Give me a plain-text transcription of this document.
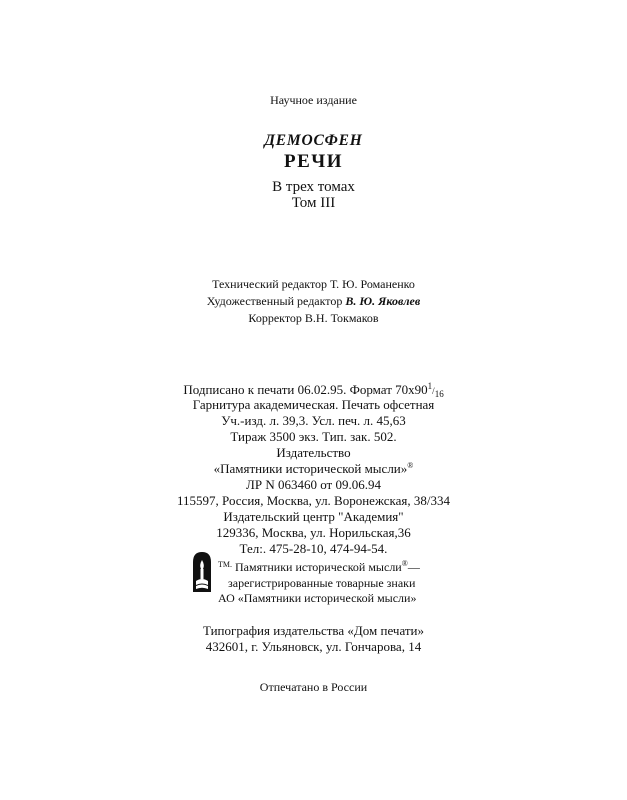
Научное издание
ДЕМОСФЕН
РЕЧИ
В трех томах
Том III
Технический редактор Т. Ю. Романенко
Художественный редактор В. Ю. Яковлев
Корректор В.Н. Токмаков
Подписано к печати 06.02.95. Формат 70х901/16
Гарнитура академическая. Печать офсетная
Уч.-изд. л. 39,3. Усл. печ. л. 45,63
Тираж 3500 экз. Тип. зак. 502.
Издательство
«Памятники исторической мысли»®
ЛР N 063460 от 09.06.94
115597, Россия, Москва, ул. Воронежская, 38/334
Издательский центр "Академия"
129336, Москва, ул. Норильская,36
Тел:. 475-28-10, 474-94-54.
$^{TM.}$ Памятники исторической мысли®—
зарегистрированные товарные знаки
АО «Памятники исторической мысли»
Типография издательства «Дом печати»
432601, г. Ульяновск, ул. Гончарова, 14
Отпечатано в России
